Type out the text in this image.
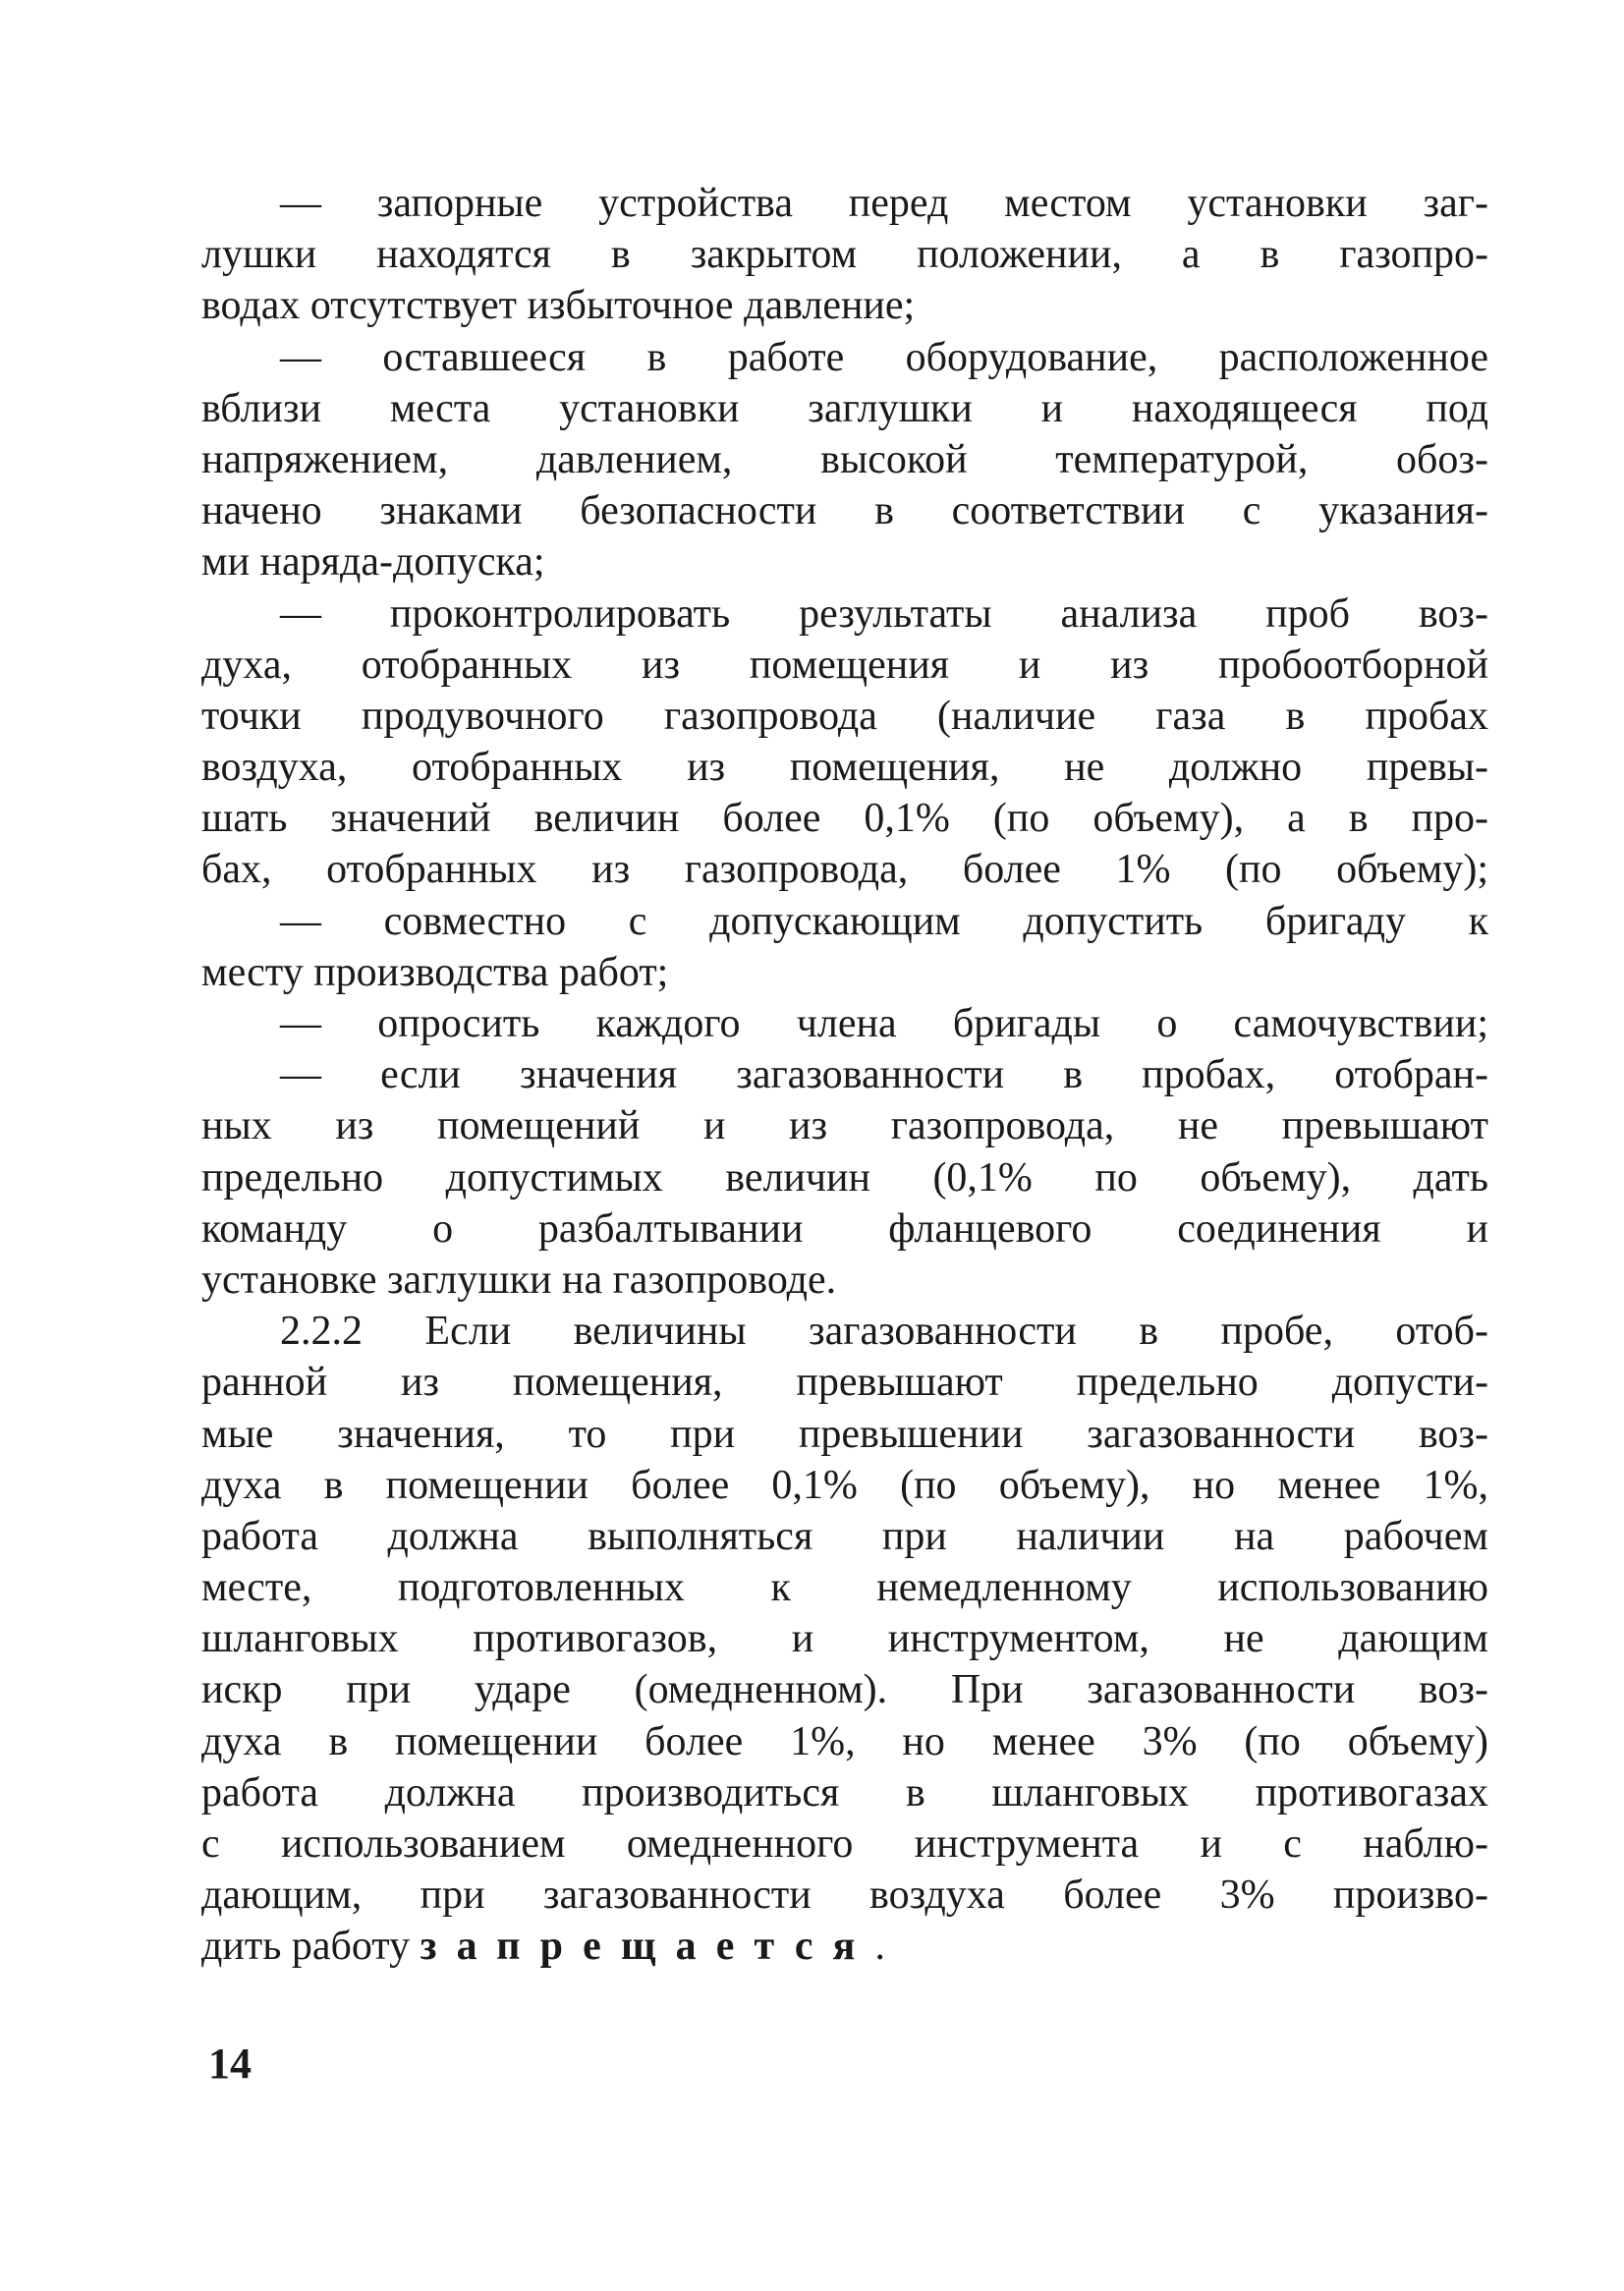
— запорные устройства перед местом установки заг-
лушки находятся в закрытом положении, а в газопро-
водах отсутствует избыточное давление;
— оставшееся в работе оборудование, расположенное
вблизи места установки заглушки и находящееся под
напряжением, давлением, высокой температурой, обоз-
начено знаками безопасности в соответствии с указания-
ми наряда-допуска;
— проконтролировать результаты анализа проб воз-
духа, отобранных из помещения и из пробоотборной
точки продувочного газопровода (наличие газа в пробах
воздуха, отобранных из помещения, не должно превы-
шать значений величин более 0,1% (по объему), а в про-
бах, отобранных из газопровода, более 1% (по объему);
— совместно с допускающим допустить бригаду к
месту производства работ;
— опросить каждого члена бригады о самочувствии;
— если значения загазованности в пробах, отобран-
ных из помещений и из газопровода, не превышают
предельно допустимых величин (0,1% по объему), дать
команду о разбалтывании фланцевого соединения и
установке заглушки на газопроводе.
2.2.2 Если величины загазованности в пробе, отоб-
ранной из помещения, превышают предельно допусти-
мые значения, то при превышении загазованности воз-
духа в помещении более 0,1% (по объему), но менее 1%,
работа должна выполняться при наличии на рабочем
месте, подготовленных к немедленному использованию
шланговых противогазов, и инструментом, не дающим
искр при ударе (омедненном). При загазованности воз-
духа в помещении более 1%, но менее 3% (по объему)
работа должна производиться в шланговых противогазах
с использованием омедненного инструмента и с наблю-
дающим, при загазованности воздуха более 3% произво-
дить работу запрещается.
14
